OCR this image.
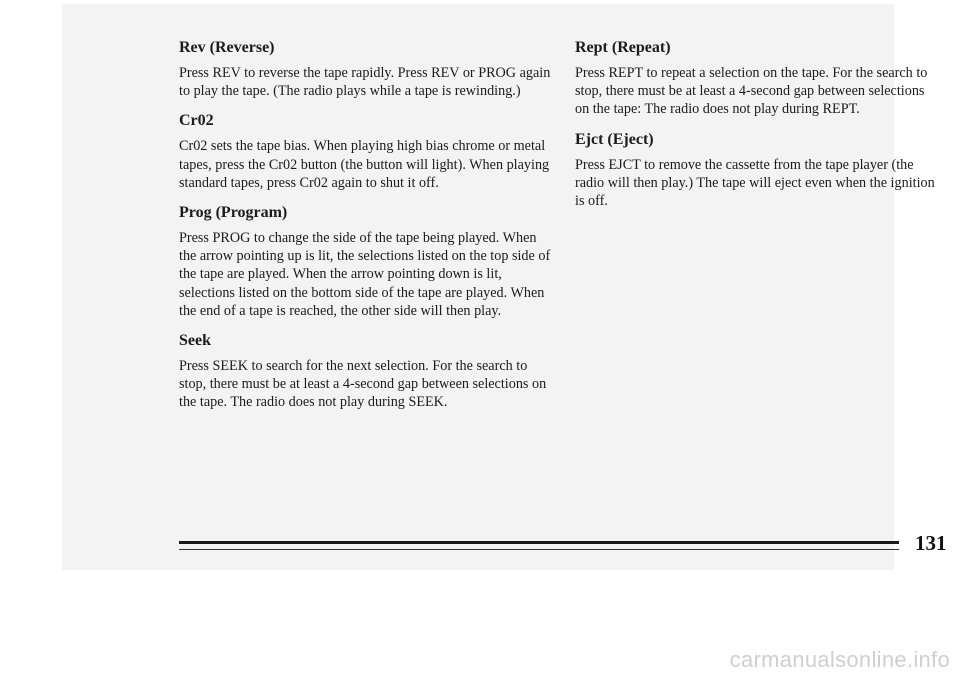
Rev (Reverse)

Press REV to reverse the tape rapidly. Press REV or PROG again to play the tape. (The radio plays while a tape is rewinding.)

Cr02

Cr02 sets the tape bias. When playing high bias chrome or metal tapes, press the Cr02 button (the button will light). When playing standard tapes, press Cr02 again to shut it off.

Prog (Program)

Press PROG to change the side of the tape being played. When the arrow pointing up is lit, the selections listed on the top side of the tape are played. When the arrow pointing down is lit, selections listed on the bottom side of the tape are played. When the end of a tape is reached, the other side will then play.

Seek

Press SEEK to search for the next selection. For the search to stop, there must be at least a 4-second gap between selections on the tape. The radio does not play during SEEK.

Rept (Repeat)

Press REPT to repeat a selection on the tape. For the search to stop, there must be at least a 4-second gap between selections on the tape: The radio does not play during REPT.

Ejct (Eject)

Press EJCT to remove the cassette from the tape player (the radio will then play.) The tape will eject even when the ignition is off.

131
carmanualsonline.info
